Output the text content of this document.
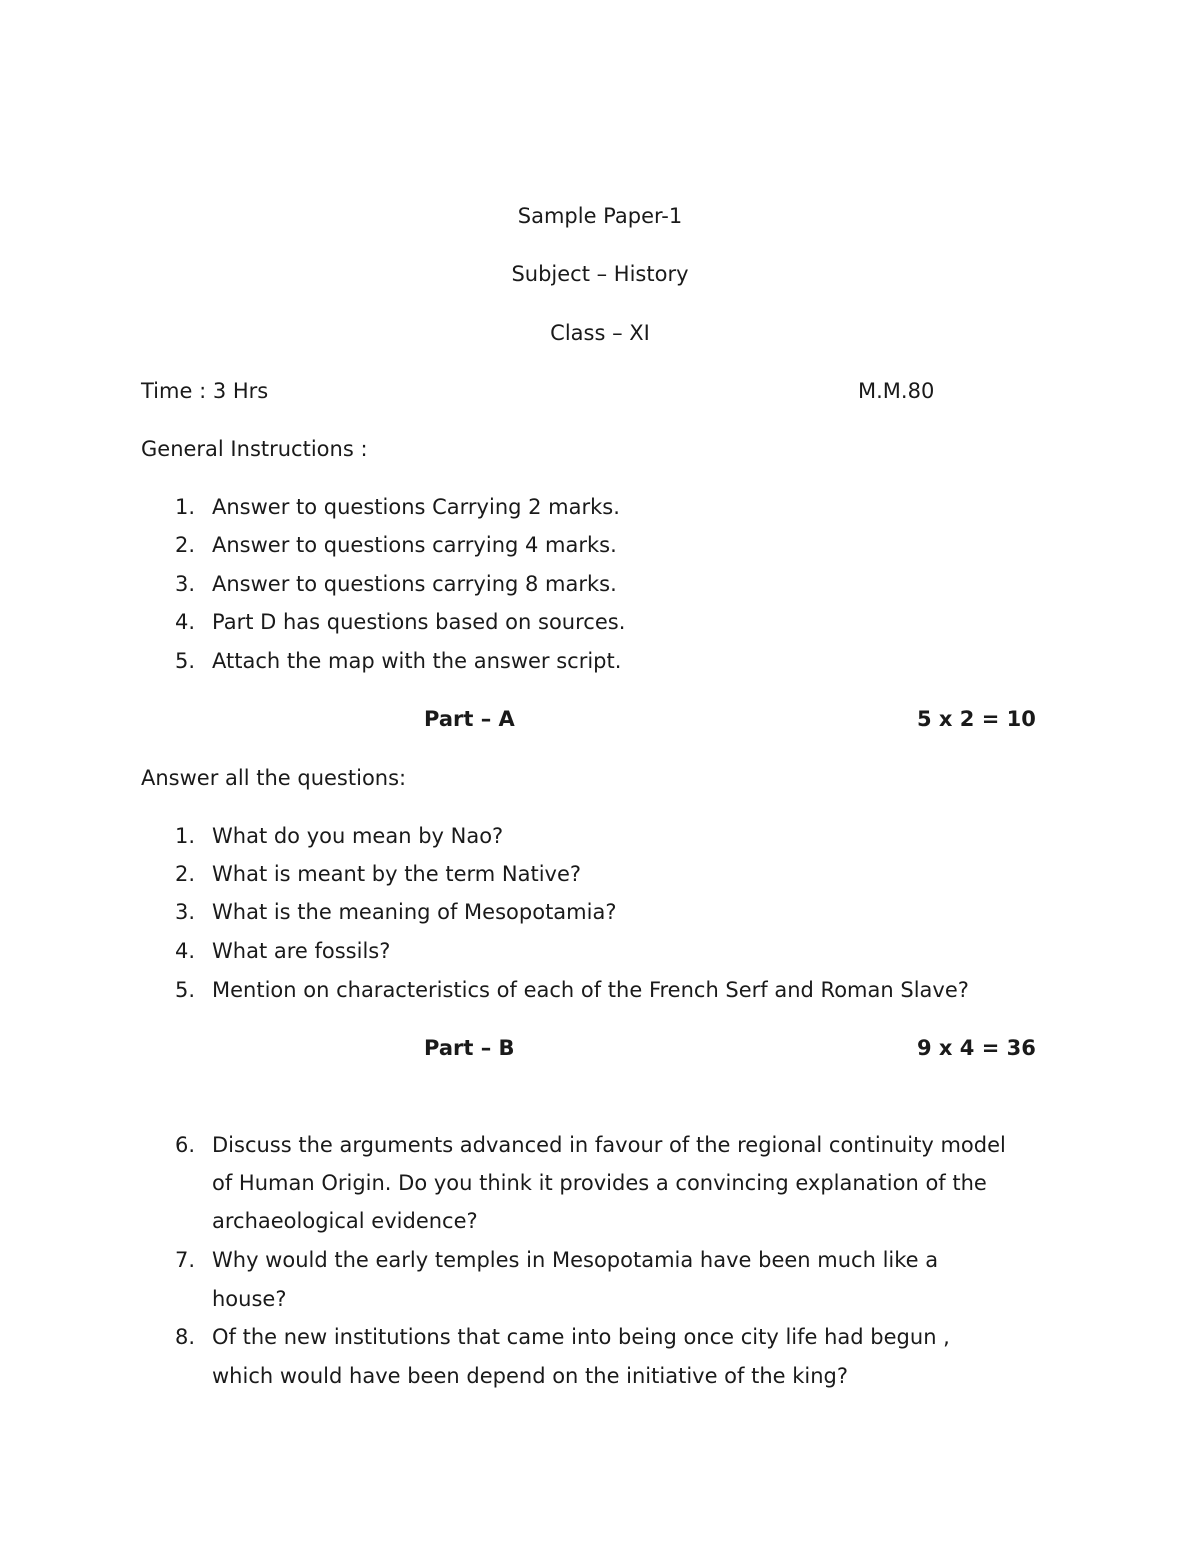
Sample Paper-1
Subject – History
Class – XI
Time : 3 Hrs	M.M.80
General Instructions :
1. Answer to questions Carrying 2 marks.
2. Answer to questions carrying 4 marks.
3. Answer to questions carrying 8 marks.
4. Part D has questions based on sources.
5. Attach the map with the answer script.
Part – A	5 x 2 = 10
Answer all the questions:
1. What do you mean by Nao?
2. What is meant by the term Native?
3. What is the meaning of Mesopotamia?
4. What are fossils?
5. Mention on characteristics of each of the French Serf and Roman Slave?
Part – B	9 x 4 = 36
6. Discuss the arguments advanced in favour of the regional continuity model
of Human Origin. Do you think it provides a convincing explanation of the
archaeological evidence?
7. Why would the early temples in Mesopotamia have been much like a
house?
8. Of the new institutions that came into being once city life had begun ,
which would have been depend on the initiative of the king?
